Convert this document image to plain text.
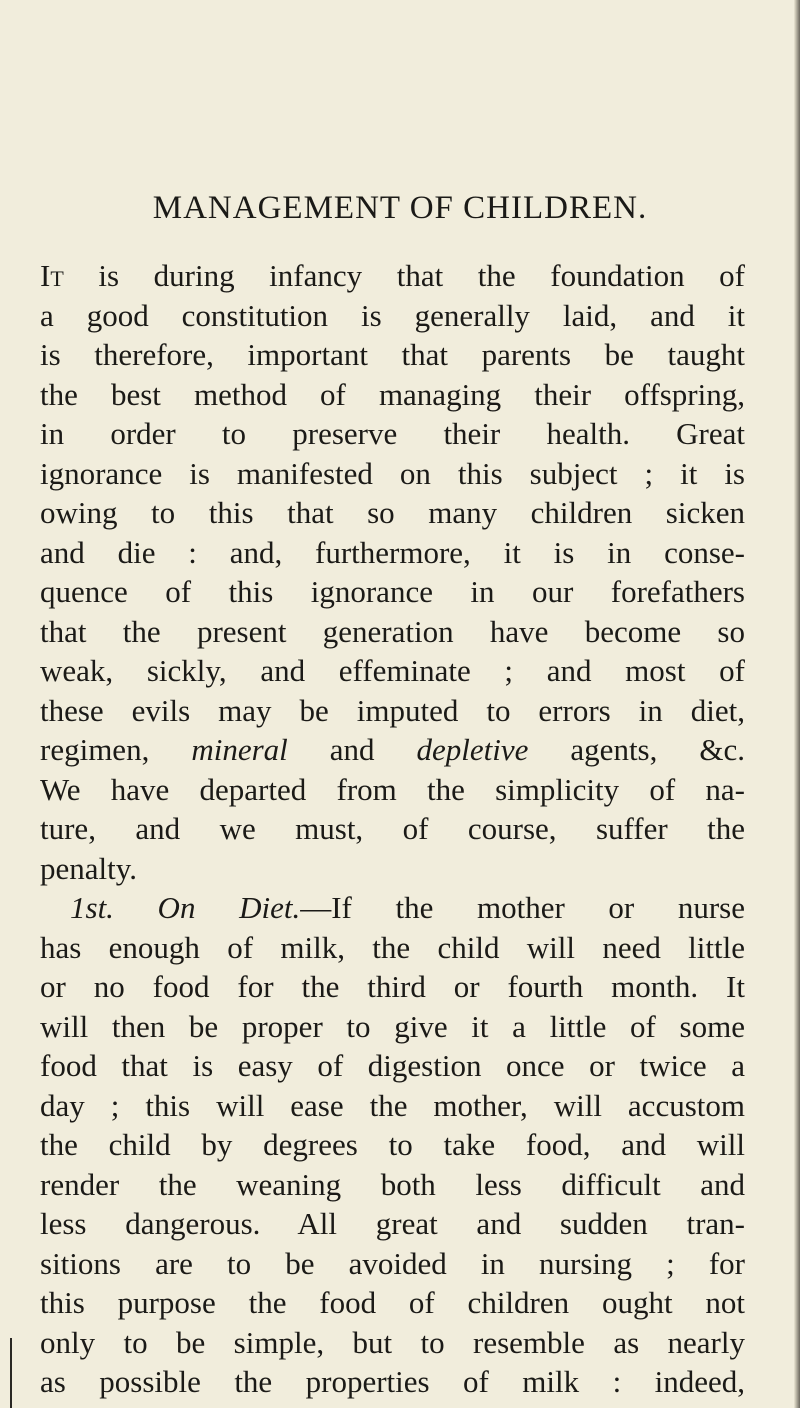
MANAGEMENT OF CHILDREN.
It is during infancy that the foundation of
a good constitution is generally laid, and it
is therefore, important that parents be taught
the best method of managing their offspring,
in order to preserve their health. Great
ignorance is manifested on this subject ; it is
owing to this that so many children sicken
and die : and, furthermore, it is in conse-
quence of this ignorance in our forefathers
that the present generation have become so
weak, sickly, and effeminate ; and most of
these evils may be imputed to errors in diet,
regimen, mineral and depletive agents, &c.
We have departed from the simplicity of na-
ture, and we must, of course, suffer the
penalty.
1st. On Diet.—If the mother or nurse
has enough of milk, the child will need little
or no food for the third or fourth month. It
will then be proper to give it a little of some
food that is easy of digestion once or twice a
day ; this will ease the mother, will accustom
the child by degrees to take food, and will
render the weaning both less difficult and
less dangerous. All great and sudden tran-
sitions are to be avoided in nursing ; for
this purpose the food of children ought not
only to be simple, but to resemble as nearly
as possible the properties of milk : indeed,
